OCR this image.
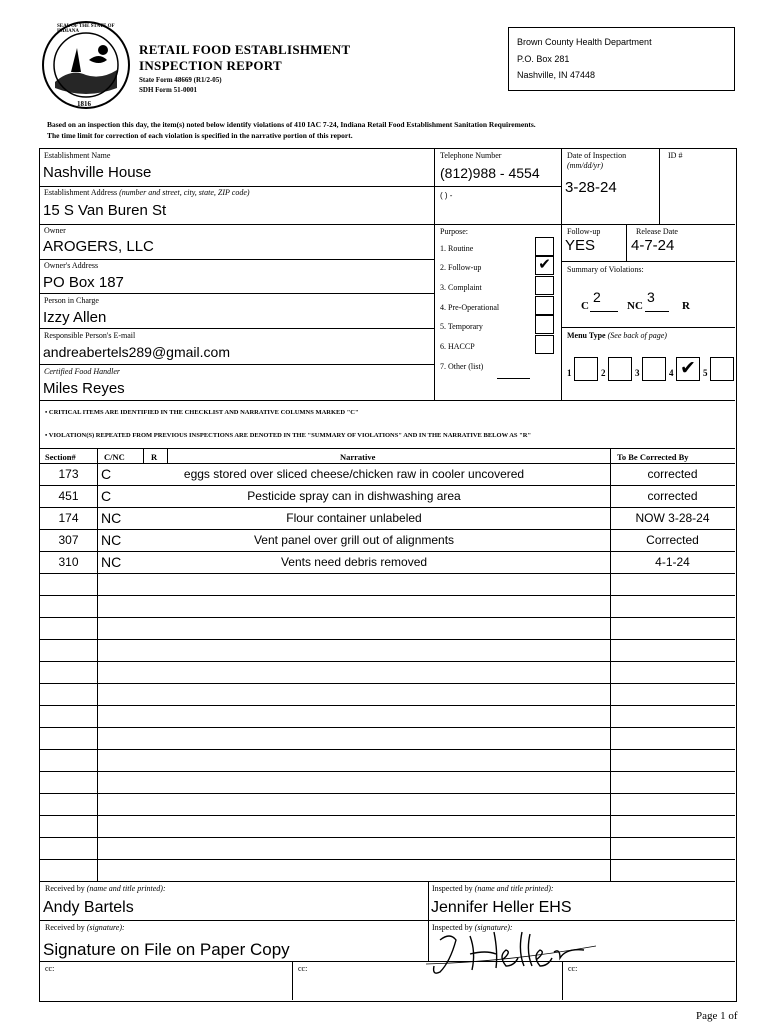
SEAL OF THE STATE OF INDIANA
1816
RETAIL FOOD ESTABLISHMENT
INSPECTION REPORT
State Form 48669 (R1/2-05)
SDH Form 51-0001
Brown County Health Department
P.O. Box 281
Nashville, IN 47448
Based on an inspection this day, the item(s) noted below identify violations of 410 IAC 7-24, Indiana Retail Food Establishment Sanitation Requirements.
The time limit for correction of each violation is specified in the narrative portion of this report.
Establishment Name
Nashville House
Establishment Address (number and street, city, state, ZIP code)
15 S Van Buren St
Owner
AROGERS, LLC
Owner's Address
PO Box 187
Person in Charge
Izzy Allen
Responsible Person's E-mail
andreabertels289@gmail.com
Certified Food Handler
Miles Reyes
Telephone Number
(812)988 - 4554
( ) -
Date of Inspection
(mm/dd/yr)
3-28-24
ID #
Purpose:
1. Routine
2. Follow-up	✔
3. Complaint
4. Pre-Operational
5. Temporary
6. HACCP
7. Other (list)
Follow-up
YES
Release Date
4-7-24
Summary of Violations:
C
2
NC
3
R
Menu Type (See back of page)
1	2	3	4 ✔ 5
• CRITICAL ITEMS ARE IDENTIFIED IN THE CHECKLIST AND NARRATIVE COLUMNS MARKED "C"
• VIOLATION(S) REPEATED FROM PREVIOUS INSPECTIONS ARE DENOTED IN THE "SUMMARY OF VIOLATIONS" AND IN THE NARRATIVE BELOW AS "R"
Section#	C/NC	R	Narrative	To Be Corrected By
173	C	eggs stored over sliced cheese/chicken raw in cooler uncovered	corrected
451	C	Pesticide spray can in dishwashing area	corrected
174	NC	Flour container unlabeled	NOW 3-28-24
307	NC	Vent panel over grill out of alignments	Corrected
310	NC	Vents need debris removed	4-1-24
Received by (name and title printed):
Andy Bartels
Inspected by (name and title printed):
Jennifer Heller EHS
Received by (signature):
Signature on File on Paper Copy
Inspected by (signature):
cc:	cc:	cc:
Page 1 of
